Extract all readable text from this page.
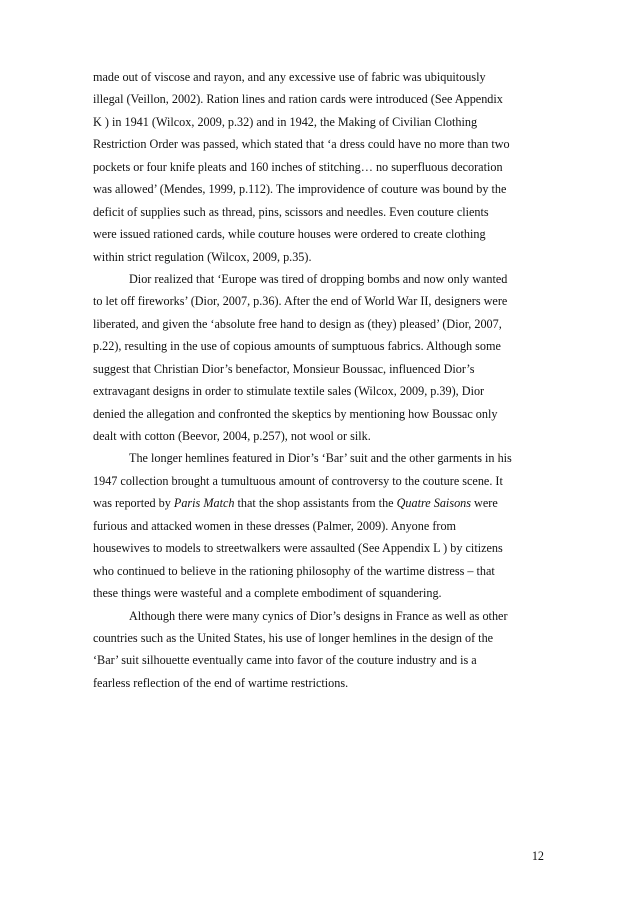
made out of viscose and rayon, and any excessive use of fabric was ubiquitously
illegal (Veillon, 2002). Ration lines and ration cards were introduced (See Appendix
K ) in 1941 (Wilcox, 2009, p.32) and in 1942, the Making of Civilian Clothing
Restriction Order was passed, which stated that ‘a dress could have no more than two
pockets or four knife pleats and 160 inches of stitching… no superfluous decoration
was allowed’ (Mendes, 1999, p.112). The improvidence of couture was bound by the
deficit of supplies such as thread, pins, scissors and needles. Even couture clients
were issued rationed cards, while couture houses were ordered to create clothing
within strict regulation (Wilcox, 2009, p.35).
Dior realized that ‘Europe was tired of dropping bombs and now only wanted
to let off fireworks’ (Dior, 2007, p.36). After the end of World War II, designers were
liberated, and given the ‘absolute free hand to design as (they) pleased’ (Dior, 2007,
p.22), resulting in the use of copious amounts of sumptuous fabrics. Although some
suggest that Christian Dior’s benefactor, Monsieur Boussac, influenced Dior’s
extravagant designs in order to stimulate textile sales (Wilcox, 2009, p.39), Dior
denied the allegation and confronted the skeptics by mentioning how Boussac only
dealt with cotton (Beevor, 2004, p.257), not wool or silk.
The longer hemlines featured in Dior’s ‘Bar’ suit and the other garments in his
1947 collection brought a tumultuous amount of controversy to the couture scene. It
was reported by Paris Match that the shop assistants from the Quatre Saisons were
furious and attacked women in these dresses (Palmer, 2009). Anyone from
housewives to models to streetwalkers were assaulted (See Appendix L ) by citizens
who continued to believe in the rationing philosophy of the wartime distress – that
these things were wasteful and a complete embodiment of squandering.
Although there were many cynics of Dior’s designs in France as well as other
countries such as the United States, his use of longer hemlines in the design of the
‘Bar’ suit silhouette eventually came into favor of the couture industry and is a
fearless reflection of the end of wartime restrictions.
12
